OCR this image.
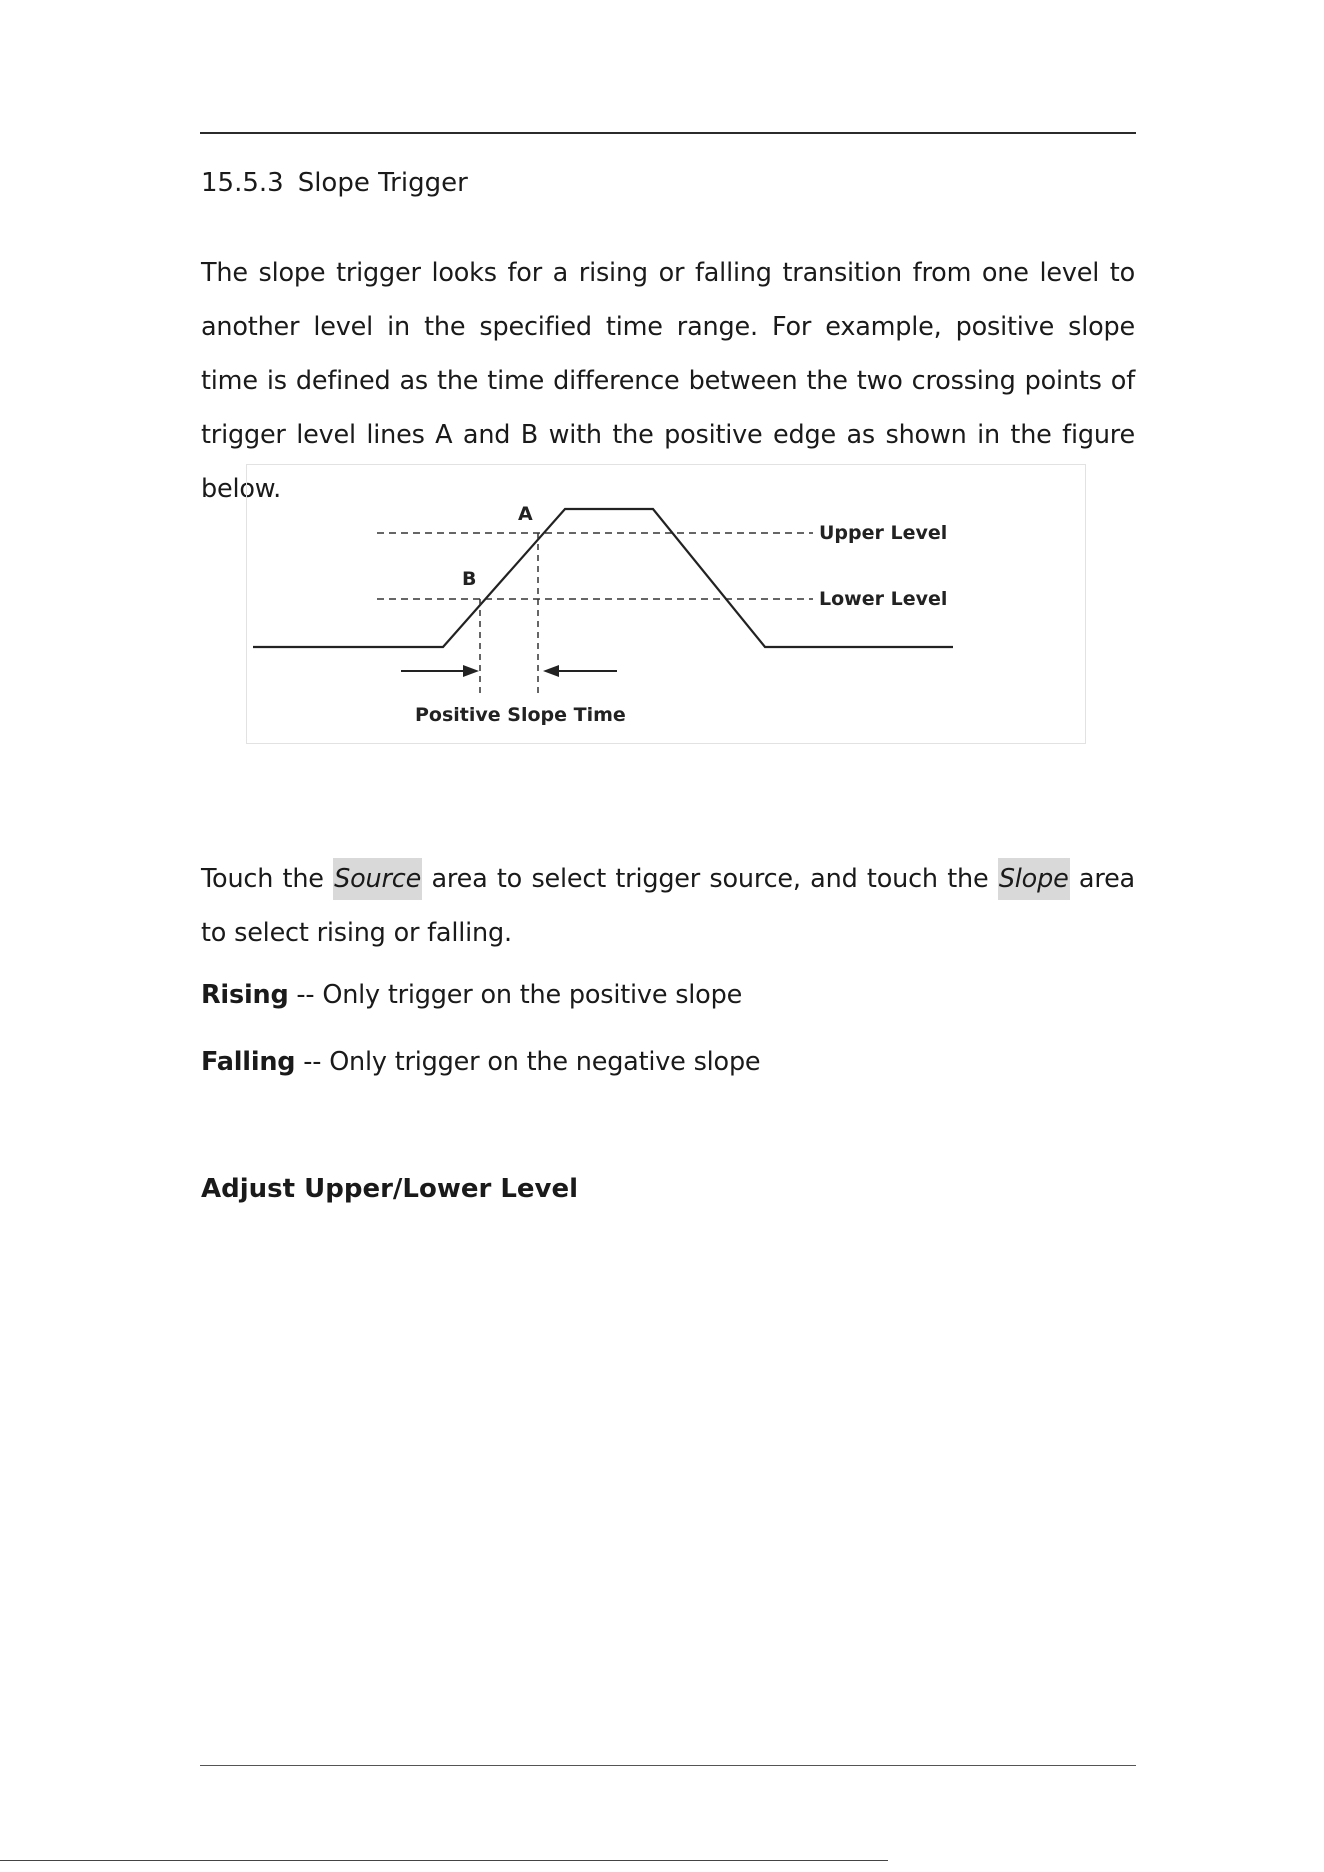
15.5.3 Slope Trigger

The slope trigger looks for a rising or falling transition from one level to another level in the specified time range. For example, positive slope time is defined as the time difference between the two crossing points of trigger level lines A and B with the positive edge as shown in the figure below.

A
B
Upper Level
Lower Level
Positive Slope Time

Touch the Source area to select trigger source, and touch the Slope area to select rising or falling.

Rising -- Only trigger on the positive slope

Falling -- Only trigger on the negative slope

Adjust Upper/Lower Level
